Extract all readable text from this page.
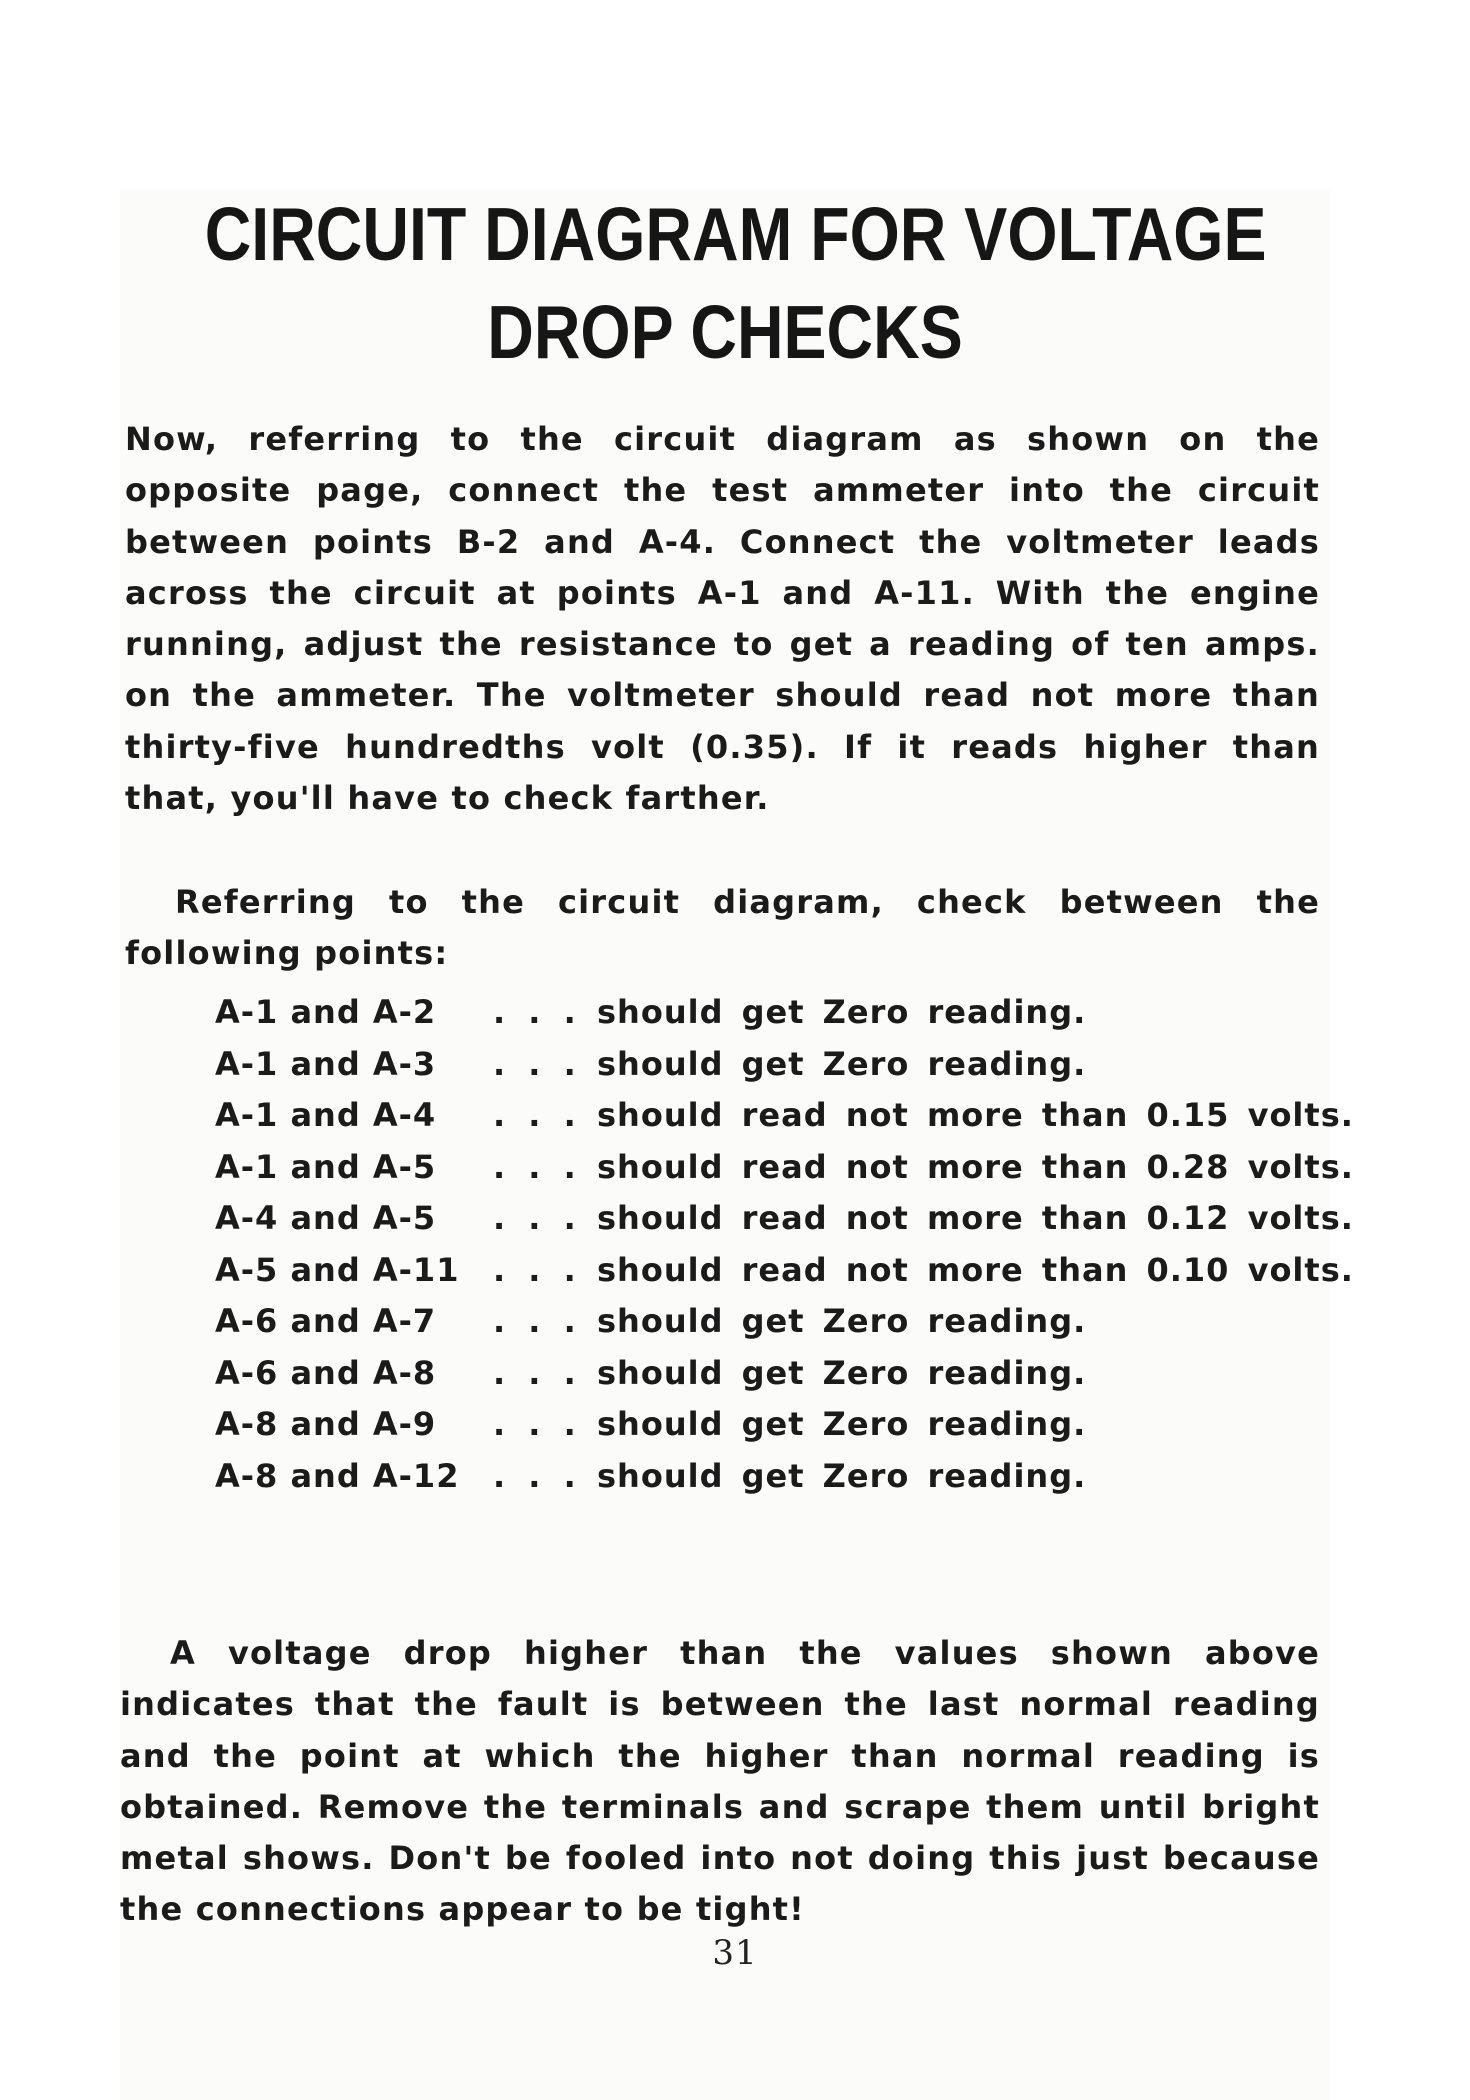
CIRCUIT DIAGRAM FOR VOLTAGE
DROP CHECKS
Now, referring to the circuit diagram as shown on the opposite page, connect the test ammeter into the circuit between points B-2 and A-4. Connect the voltmeter leads across the circuit at points A-1 and A-11. With the engine running, adjust the resistance to get a reading of ten amps. on the ammeter. The voltmeter should read not more than thirty-five hundredths volt (0.35). If it reads higher than that, you'll have to check farther.
Referring to the circuit diagram, check between the following points:
A-1 and A-2	. . . should get Zero reading.
A-1 and A-3	. . . should get Zero reading.
A-1 and A-4	. . . should read not more than 0.15 volts.
A-1 and A-5	. . . should read not more than 0.28 volts.
A-4 and A-5	. . . should read not more than 0.12 volts.
A-5 and A-11	. . . should read not more than 0.10 volts.
A-6 and A-7	. . . should get Zero reading.
A-6 and A-8	. . . should get Zero reading.
A-8 and A-9	. . . should get Zero reading.
A-8 and A-12	. . . should get Zero reading.
A voltage drop higher than the values shown above indicates that the fault is between the last normal reading and the point at which the higher than normal reading is obtained. Remove the terminals and scrape them until bright metal shows. Don't be fooled into not doing this just because the connections appear to be tight!
31
